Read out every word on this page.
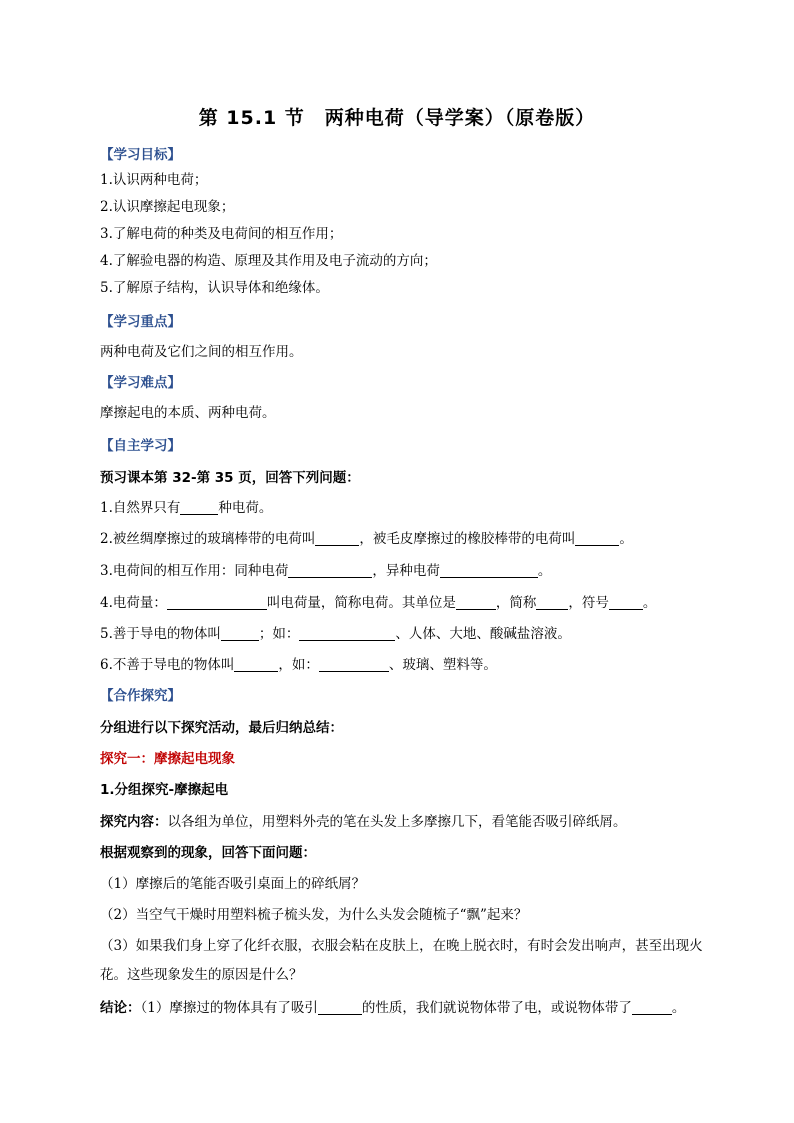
第 15.1 节　两种电荷（导学案）（原卷版）
【学习目标】
1.认识两种电荷；
2.认识摩擦起电现象；
3.了解电荷的种类及电荷间的相互作用；
4.了解验电器的构造、原理及其作用及电子流动的方向；
5.了解原子结构，认识导体和绝缘体。
【学习重点】
两种电荷及它们之间的相互作用。
【学习难点】
摩擦起电的本质、两种电荷。
【自主学习】
预习课本第 32-第 35 页，回答下列问题：
1.自然界只有	种电荷。
2.被丝绸摩擦过的玻璃棒带的电荷叫	，被毛皮摩擦过的橡胶棒带的电荷叫	。
3.电荷间的相互作用：同种电荷	，异种电荷	。
4.电荷量：	叫电荷量，简称电荷。其单位是	，简称 ，符号	。
5.善于导电的物体叫	；如：	、人体、大地、酸碱盐溶液。
6.不善于导电的物体叫	，如：	、玻璃、塑料等。
【合作探究】
分组进行以下探究活动，最后归纳总结：
探究一：摩擦起电现象
1.分组探究-摩擦起电
探究内容：以各组为单位，用塑料外壳的笔在头发上多摩擦几下，看笔能否吸引碎纸屑。
根据观察到的现象，回答下面问题：
（1）摩擦后的笔能否吸引桌面上的碎纸屑？
（2）当空气干燥时用塑料梳子梳头发，为什么头发会随梳子“飘”起来？
（3）如果我们身上穿了化纤衣服，衣服会粘在皮肤上，在晚上脱衣时，有时会发出响声，甚至出现火
花。这些现象发生的原因是什么？
结论：（1）摩擦过的物体具有了吸引	的性质，我们就说物体带了电，或说物体带了	。
